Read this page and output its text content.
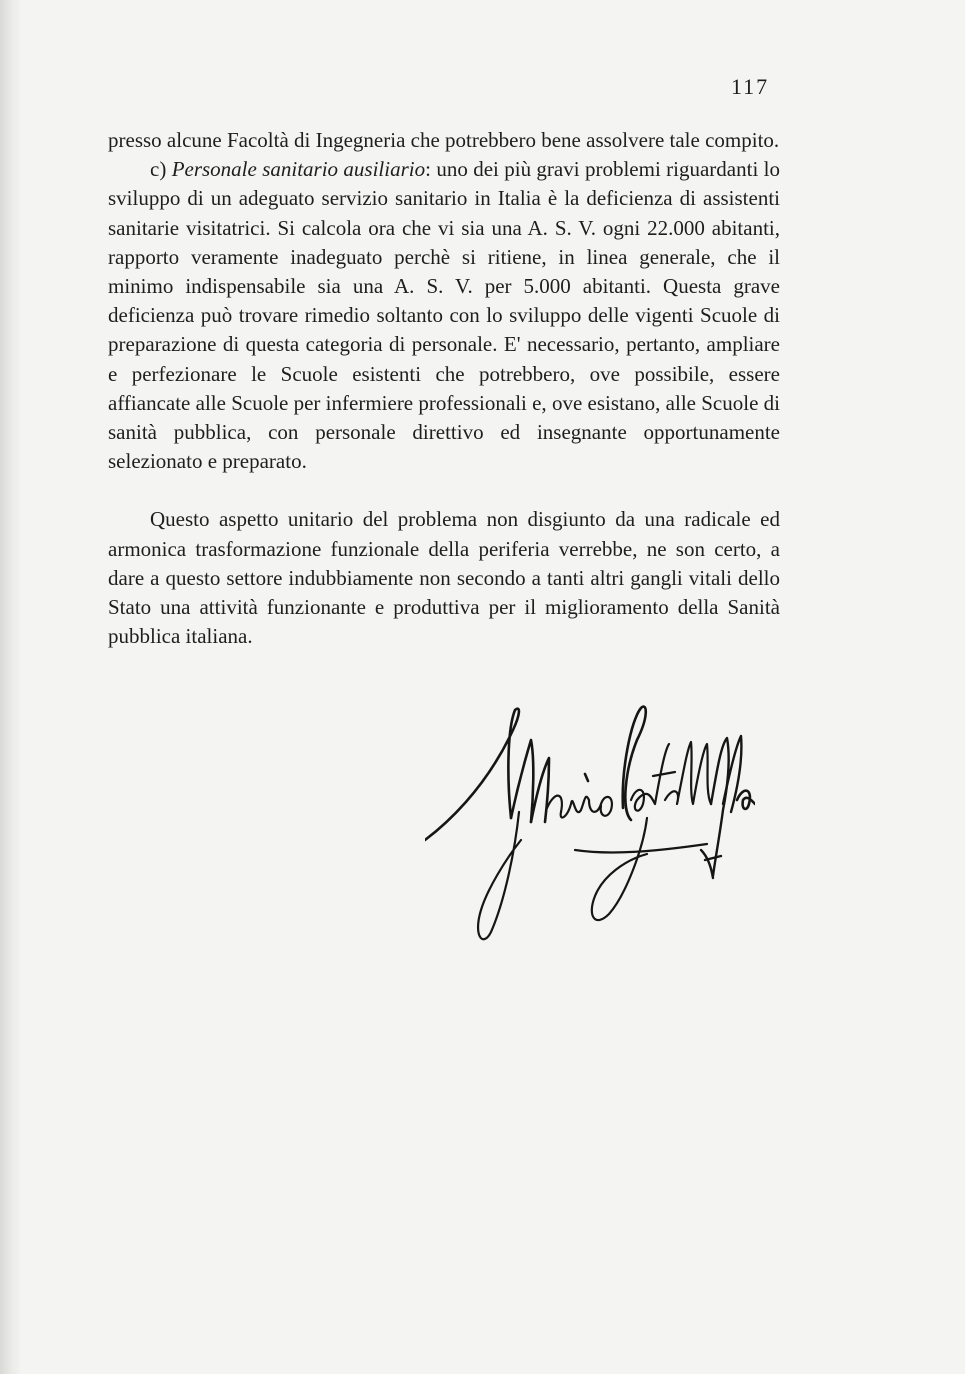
117

presso alcune Facoltà di Ingegneria che potrebbero bene assolvere tale compito.

c) Personale sanitario ausiliario: uno dei più gravi problemi riguardanti lo sviluppo di un adeguato servizio sanitario in Italia è la deficienza di assistenti sanitarie visitatrici. Si calcola ora che vi sia una A. S. V. ogni 22.000 abitanti, rapporto veramente inadeguato perchè si ritiene, in linea generale, che il minimo indispensabile sia una A. S. V. per 5.000 abitanti. Questa grave deficienza può trovare rimedio soltanto con lo sviluppo delle vigenti Scuole di preparazione di questa categoria di personale. E' necessario, pertanto, ampliare e perfezionare le Scuole esistenti che potrebbero, ove possibile, essere affiancate alle Scuole per infermiere professionali e, ove esistano, alle Scuole di sanità pubblica, con personale direttivo ed insegnante opportunamente selezionato e preparato.

Questo aspetto unitario del problema non disgiunto da una radicale ed armonica trasformazione funzionale della periferia verrebbe, ne son certo, a dare a questo settore indubbiamente non secondo a tanti altri gangli vitali dello Stato una attività funzionante e produttiva per il miglioramento della Sanità pubblica italiana.
